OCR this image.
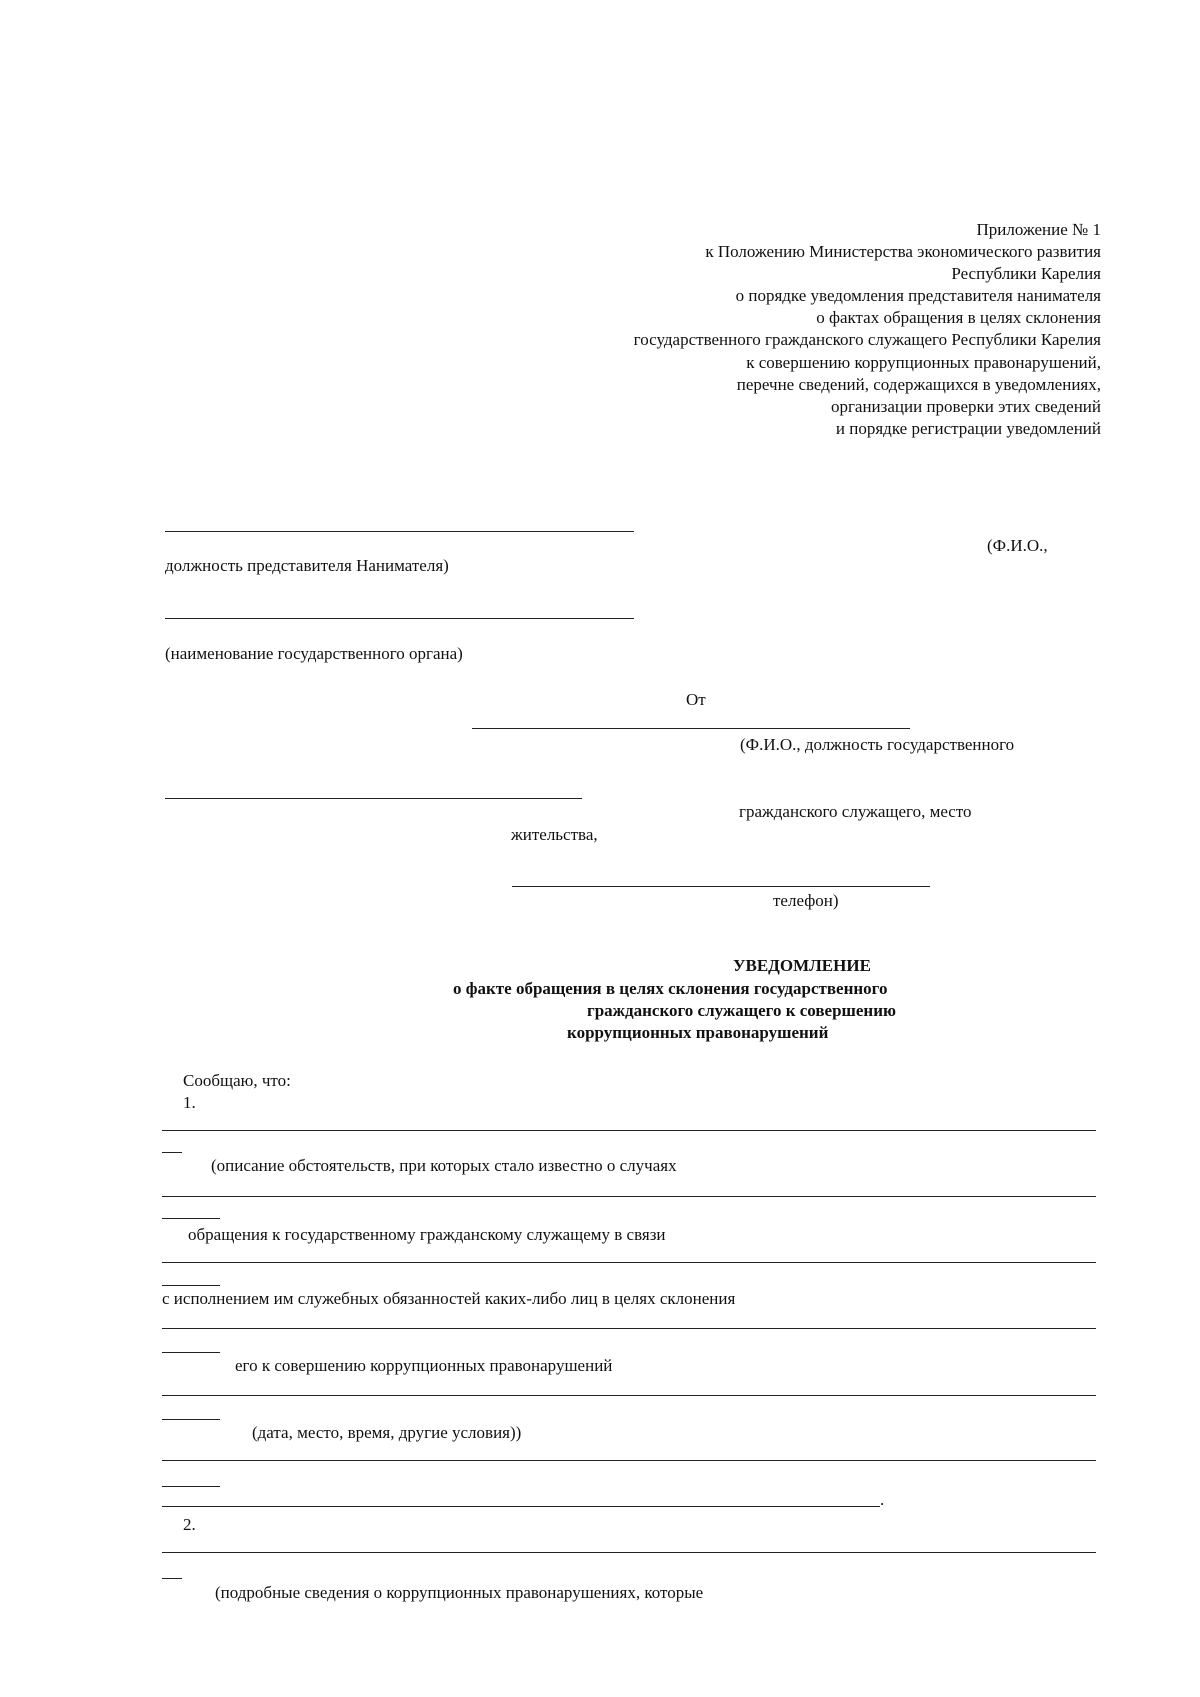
Приложение № 1
к Положению Министерства экономического развития
Республики Карелия
о порядке уведомления представителя нанимателя
о фактах обращения в целях склонения
государственного гражданского служащего Республики Карелия
к совершению коррупционных правонарушений,
перечне сведений, содержащихся в уведомлениях,
организации проверки этих сведений
и порядке регистрации уведомлений
(Ф.И.О.,
должность представителя Нанимателя)
(наименование государственного органа)
От
(Ф.И.О., должность государственного
гражданского служащего, место
жительства,
телефон)
УВЕДОМЛЕНИЕ
о факте обращения в целях склонения государственного
гражданского служащего к совершению
коррупционных правонарушений
Сообщаю, что:
1.
(описание обстоятельств, при которых стало известно о случаях
обращения к государственному гражданскому служащему в связи
с исполнением им служебных обязанностей каких-либо лиц в целях склонения
его к совершению коррупционных правонарушений
(дата, место, время, другие условия))
.
2.
(подробные сведения о коррупционных правонарушениях, которые
